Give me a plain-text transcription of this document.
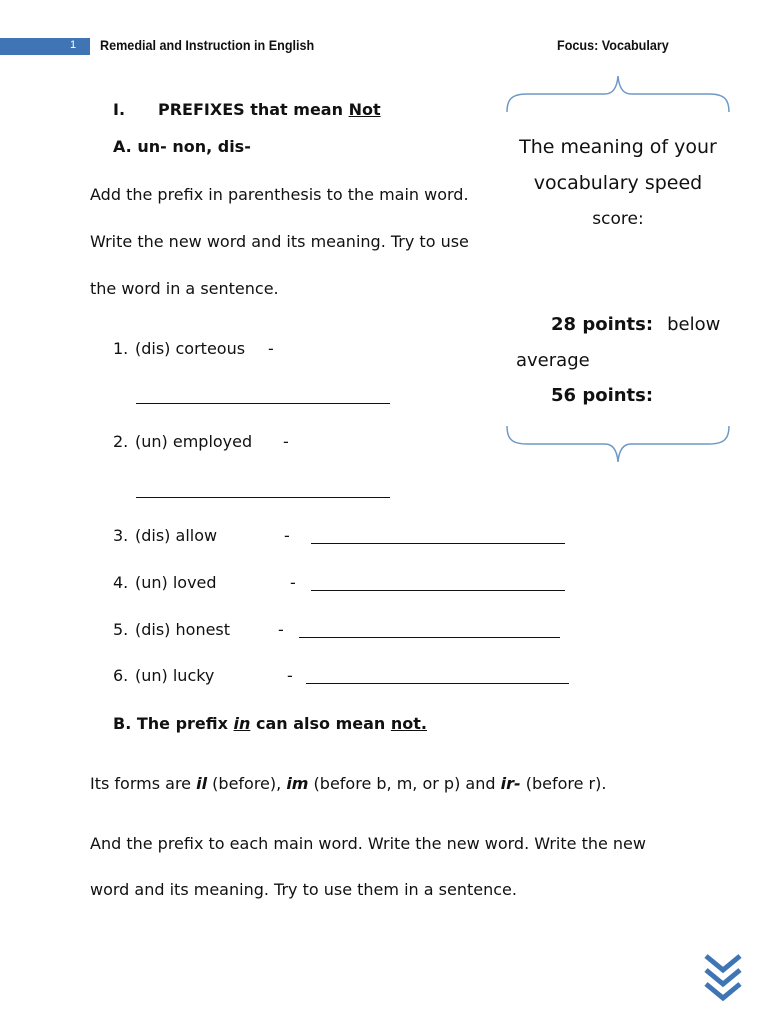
1 Remedial and Instruction in English	Focus: Vocabulary
I. PREFIXES that mean Not
A. un- non, dis-
Add the prefix in parenthesis to the main word.
Write the new word and its meaning. Try to use
the word in a sentence.
1. (dis) corteous -
2. (un) employed -
3. (dis) allow	-
4. (un) loved	-
5. (dis) honest	-
6. (un) lucky	-
B. The prefix in can also mean not.
Its forms are il (before), im (before b, m, or p) and ir- (before r).
And the prefix to each main word. Write the new word. Write the new
word and its meaning. Try to use them in a sentence.
The meaning of your
vocabulary speed
score:
28 points: below
average
56 points:
